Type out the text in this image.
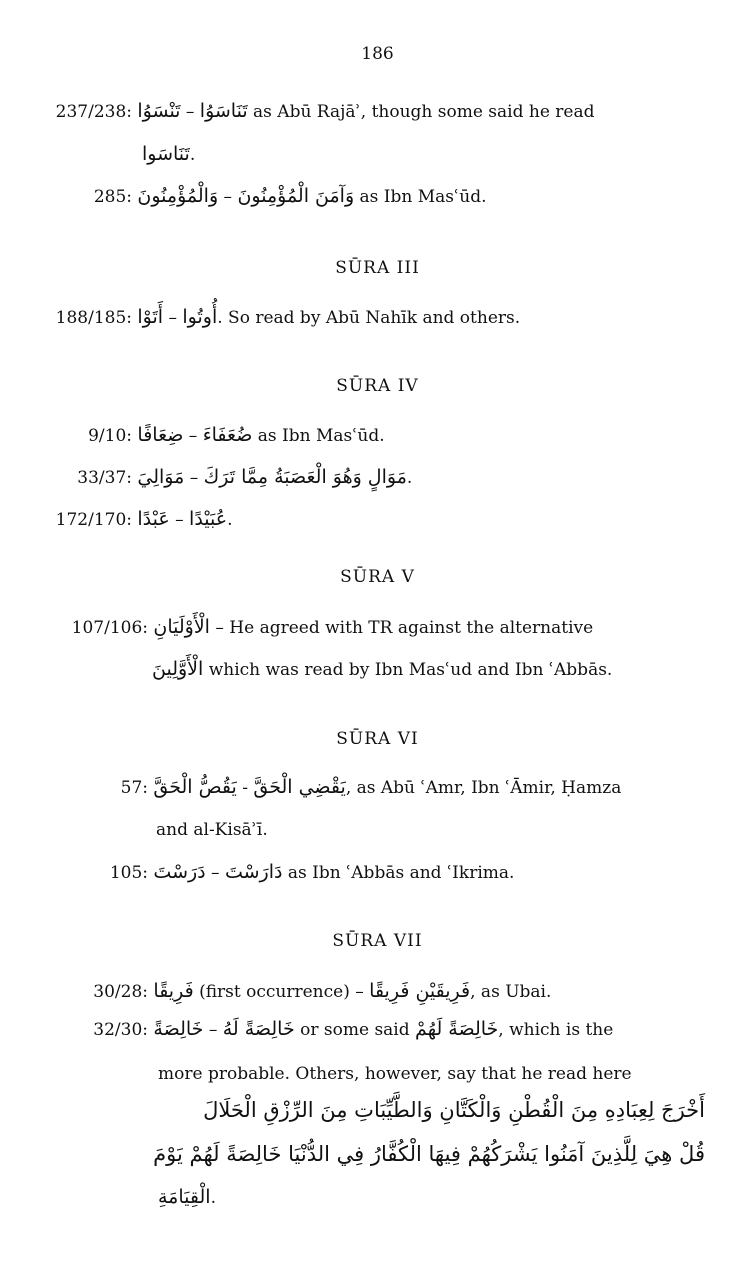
186
237/238: تَنْسَوُا – تَنَاسَوُا as Abū Rajāʾ, though some said he read
تَنَاسَوا.
285: وَالْمُؤْمِنُونَ – وَآمَنَ الْمُؤْمِنُونَ as Ibn Masʿūd.
SŪRA III
188/185: أَتَوْا – أُوتُوا. So read by Abū Nahīk and others.
SŪRA IV
9/10: ضِعَافًا – ضُعَفَاءَ as Ibn Masʿūd.
33/37: مَوَالِيَ – مَوَالٍ وَهُوَ الْعَصَبَةُ مِمَّا تَرَكَ.
172/170: عَبْدًا – عُبَيْدًا.
SŪRA V
107/106: الْأَوْلَيَانِ – He agreed with TR against the alternative
الْأَوَّلِينَ which was read by Ibn Masʿud and Ibn ʿAbbās.
SŪRA VI
57: يَقُصُّ الْحَقَّ - يَقْضِي الْحَقَّ, as Abū ʿAmr, Ibn ʿĀmir, Ḥamza
and al-Kisāʾī.
105: دَرَسْتَ – دَارَسْتَ as Ibn ʿAbbās and ʿIkrima.
SŪRA VII
30/28: فَرِيقًا (first occurrence) – فَرِيقَيْنِ فَرِيقًا, as Ubai.
32/30: خَالِصَةً – خَالِصَةً لَهُ or some said خَالِصَةً لَهُمْ, which is the
more probable. Others, however, say that he read here
أَخْرَجَ لِعِبَادِهِ مِنَ الْقُطْنِ وَالْكَتَّانِ وَالطَّيِّبَاتِ مِنَ الرِّزْقِ الْحَلَالَ
قُلْ هِيَ لِلَّذِينَ آمَنُوا يَشْرَكُهُمْ فِيهَا الْكُفَّارُ فِي الدُّنْيَا خَالِصَةً لَهُمْ يَوْمَ
الْقِيَامَةِ.
